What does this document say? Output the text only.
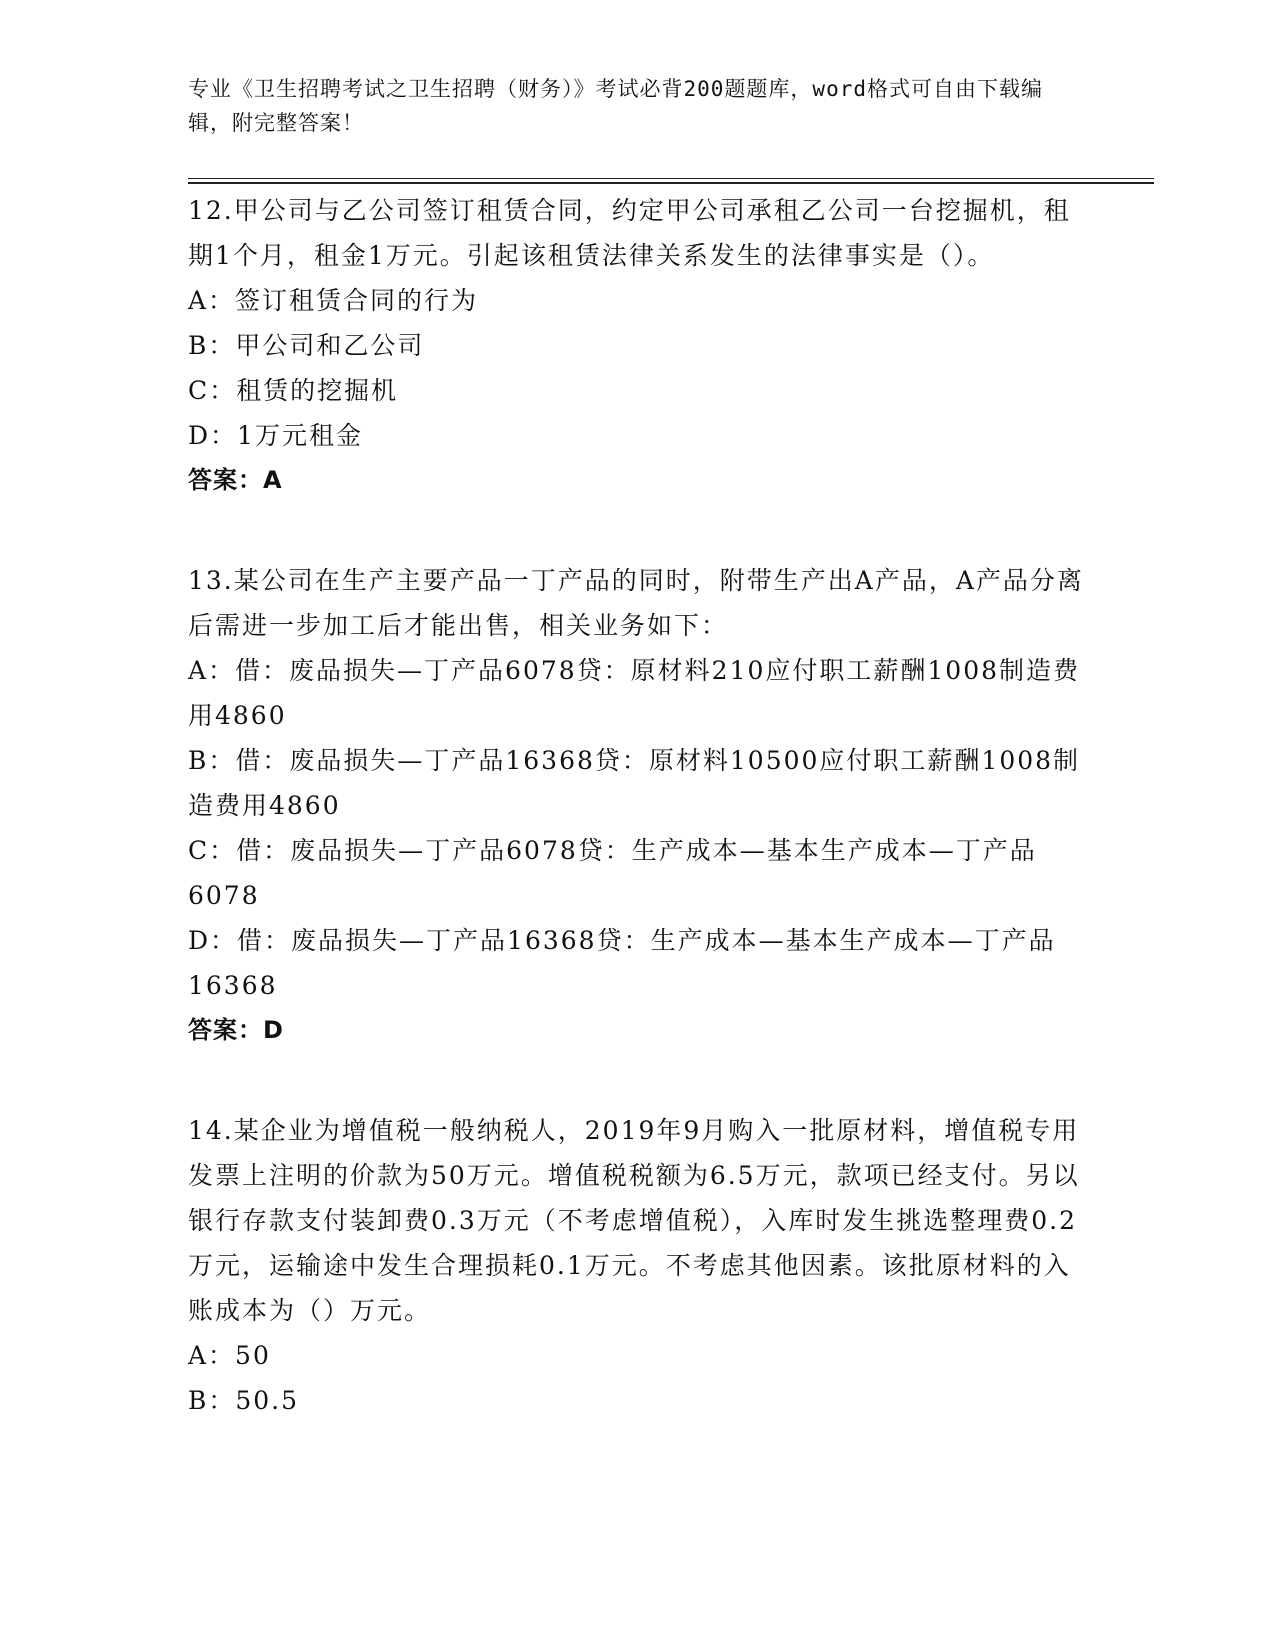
专业《卫生招聘考试之卫生招聘（财务）》考试必背200题题库，word格式可自由下载编辑，附完整答案！

12.甲公司与乙公司签订租赁合同，约定甲公司承租乙公司一台挖掘机，租期1个月，租金1万元。引起该租赁法律关系发生的法律事实是（）。

A：签订租赁合同的行为

B：甲公司和乙公司

C：租赁的挖掘机

D：1万元租金

答案：A

13.某公司在生产主要产品一丁产品的同时，附带生产出A产品，A产品分离后需进一步加工后才能出售，相关业务如下：

A：借：废品损失—丁产品6078贷：原材料210应付职工薪酬1008制造费用4860

B：借：废品损失—丁产品16368贷：原材料10500应付职工薪酬1008制造费用4860

C：借：废品损失—丁产品6078贷：生产成本—基本生产成本—丁产品6078

D：借：废品损失—丁产品16368贷：生产成本—基本生产成本—丁产品16368

答案：D

14.某企业为增值税一般纳税人，2019年9月购入一批原材料，增值税专用发票上注明的价款为50万元。增值税税额为6.5万元，款项已经支付。另以银行存款支付装卸费0.3万元（不考虑增值税），入库时发生挑选整理费0.2万元，运输途中发生合理损耗0.1万元。不考虑其他因素。该批原材料的入账成本为（）万元。

A：50

B：50.5
